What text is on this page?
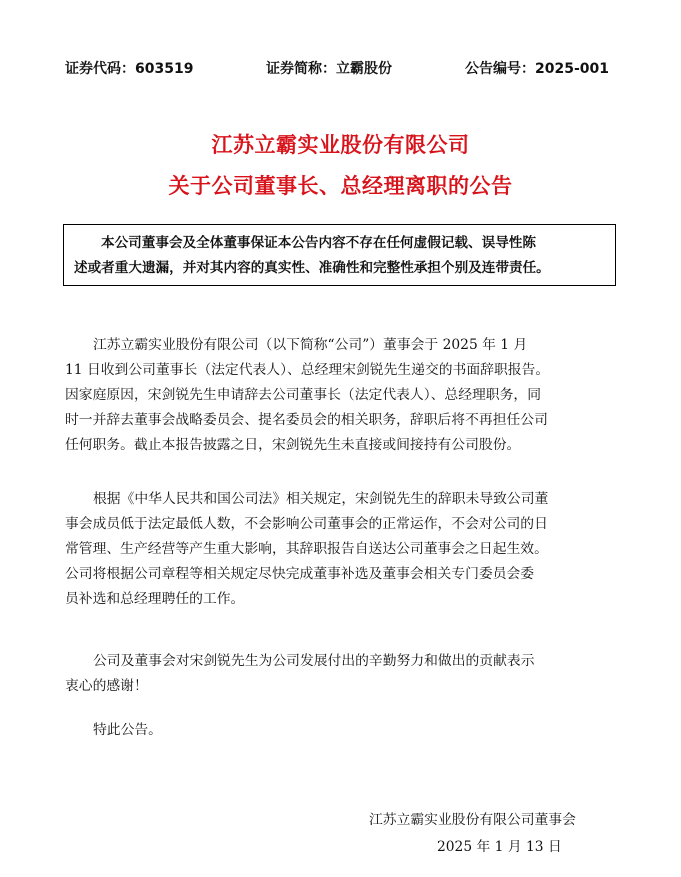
证券代码：603519	证券简称：立霸股份	公告编号：2025-001
江苏立霸实业股份有限公司
关于公司董事长、总经理离职的公告
本公司董事会及全体董事保证本公告内容不存在任何虚假记载、误导性陈
述或者重大遗漏，并对其内容的真实性、准确性和完整性承担个别及连带责任。
江苏立霸实业股份有限公司（以下简称“公司”）董事会于 2025 年 1 月
11 日收到公司董事长（法定代表人）、总经理宋剑锐先生递交的书面辞职报告。
因家庭原因，宋剑锐先生申请辞去公司董事长（法定代表人）、总经理职务，同
时一并辞去董事会战略委员会、提名委员会的相关职务，辞职后将不再担任公司
任何职务。截止本报告披露之日，宋剑锐先生未直接或间接持有公司股份。
根据《中华人民共和国公司法》相关规定，宋剑锐先生的辞职未导致公司董
事会成员低于法定最低人数，不会影响公司董事会的正常运作，不会对公司的日
常管理、生产经营等产生重大影响，其辞职报告自送达公司董事会之日起生效。
公司将根据公司章程等相关规定尽快完成董事补选及董事会相关专门委员会委
员补选和总经理聘任的工作。
公司及董事会对宋剑锐先生为公司发展付出的辛勤努力和做出的贡献表示
衷心的感谢！
特此公告。
江苏立霸实业股份有限公司董事会
2025 年 1 月 13 日
